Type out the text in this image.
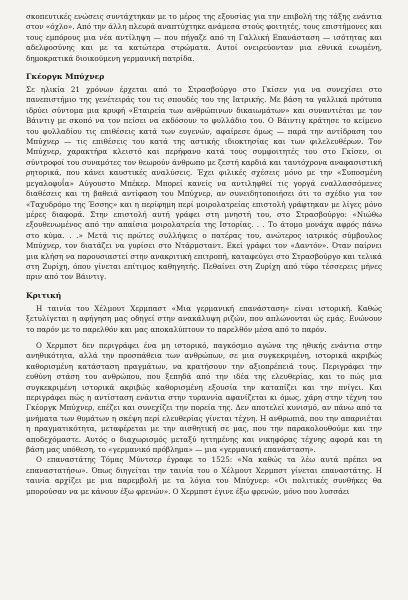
σκοπευτικές ενώσεις συντάχτηκαν με το μέρος της εξουσίας για την επιβολή της τάξης ενάντια στον «όχλο». Από την άλλη πλευρά αναπτύχτηκε ανάμεσα στούς φοιτητές, τους επιστήμονες και τους εμπόρους μια νέα αντίληψη — που πήγαζε από τη Γαλλική Επανάσταση — ισότητας και αδελφοσύνης και με τα κατώτερα στρώματα. Αυτοί ονειρεύονταν μια εθνικά ενωμένη, δημοκρατικά διοικούμενη γερμανική πατρίδα.

Γκέοργκ Μπύχνερ

Σε ηλικία 21 χρόνων έρχεται από το Στρασβούργο στο Γκίσεν για να συνεχίσει στο πανεπιστήμιο της γενέτειράς του τις σπουδές του της Ιατρικής. Με βάση τα γαλλικά πρότυπα ιδρύει σύντομα μια κρυφή «Εταιρεία των ανθρώπινων δικαιωμάτων» και συναντιέται με τον Βάιντιγ με σκοπό να τον πείσει να εκδόσουν το φυλλάδιο του. Ο Βάιντιγ κράτησε το κείμενο του φυλλαδίου τις επιθέσεις κατά των ευγενών, αφαίρεσε όμως — παρά την αντίδραση του Μπύχνερ — τις επιθέσεις του κατά της αστικής ιδιοκτησίας και των φιλελευθέρων. Τον Μπύχνερ, χαρακτήρα κλειστό και περήφανο κατά τους συμφοιτητές του στο Γκίσεν, οι σύντροφοί του συναμότες τον θεωρούν άνθρωπο με ζεστή καρδιά και ταυτόχρονα αναφασιστική ρητορικά, που κάνει καυστικές αναλύσεις. Έχει φιλικές σχέσεις μόνο με την «Συποσμένη μεγαλοφυΐα» Αύγουστο Μπέκερ. Μπορεί κανείς να αντιληφθεί τις γοργά εναλλασσόμενες διαθέσεις και τη βαθειά αντίφαση του Μπύχνερ, αν συνειδητοποιήσει ότι το σχέδιο για τον «Ταχυδρόμο της Έσσης» και η περίφημη περί μοιρολατρείας επιστολή γράφτηκαν με λίγες μόνο μέρες διαφορά. Στην επιστολή αυτή γράφει στη μνηστή του, στο Στρασβούργο: «Νιώθω εξουθενωμένος από την απαίσια μοιρολατρεία της Ιστορίας. . . Το άτομο μονάχα αφρός πάνω στο κύμα. . .» Μετά τις πρώτες συλλήψεις ο πατέρας του, ανώτερος ιατρικός σύμβουλος Μπύχνερ, τον διατάζει να γυρίσει στο Ντάρμσταντ. Εκεί γράφει τον «Δαντόν». Όταν παίρνει μια κλήση να παρουσιαστεί στην ανακριτική επιτροπή, καταφεύγει στο Στρασβούργο και τελικά στη Ζυρίχη, όπου γίνεται επίτιμος καθηγητής. Πεθαίνει στη Ζυρίχη από τύφο τέσσερεις μήνες πριν από τον Βάιντιγ.

Κριτική

Η ταινία του Χέλμουτ Χερμπαστ «Μια γερμανική επανάσταση» είναι ιστορική. Καθώς ξετυλίγεται η αφήγηση μας οδηγεί στην ανακάλυψη ριζών, που απλώνονται ώς εμάς. Ενώνουν το παρόν με το παρελθόν και μας αποκαλύπτουν το παρελθόν μέσα από το παρόν.

Ο Χερμπστ δεν περιγράφει ένα μη ιστορικό, παγκόσμιο αγώνα της ηθικής ενάντια στην ανηθικότητα, αλλά την προσπάθεια των ανθρώπων, σε μια συγκεκριμένη, ιστορικά ακριβώς καθορισμένη κατάσταση πραγμάτων, να κρατήσουν την αξιοπρέπειά τους. Περιγράφει την ευθύνη στάση του ανθρώπου, που ξεπηδά από την ιδέα της ελευθερίας, και το πώς μια συγκεκριμένη ιστορικά ακριβώς καθορισμένη εξουσία την καταπίζει και την πνίγει. Και περιγράφει πώς η αντίσταση ενάντια στην τυραννία αφανίζεται κι όμως, χάρη στην τέχνη του Γκέοργκ Μπύχνερ, επέζει και συνεχίζει την πορεία της. Δεν αποτελεί κυνισμό, αν πάνω από τα μνήματα των θυμάτων η σκέψη περί ελευθερίας γίνεται τέχνη. Η ανθρωπιά, που την απαρνιέται η πραγματικότητα, μεταφέρεται με την αισθητική σε μας, που την παρακολουθούμε και την αποδεχόμαστε. Αυτός ο διαχωρισμός μεταξύ ηττημένης και νικηφόρας τέχνης αφορά και τη βάση μας υπόθεση, το «γερμανικό πρόβλημα» — μια «γερμανική επανάσταση».

Ο επαναστάτης Τόμας Μύντσερ έγραφε το 1525: «Να καθώς τα λέω αυτά πρέπει να επαναστατήσω». Όπως διηγείται την ταινία του ο Χέλμουτ Χερμπστ γίνεται επαναστάτης. Η ταινία αρχίζει με μια παρεμβολή με τα λόγια του Μπύχνερ: «Οι πολιτικές συνθήκες θα μπορούσαν να με κάνουν έξω φρενών». Ο Χερμπστ έγινε έξω φρενών, μόνο που λυσσάει
